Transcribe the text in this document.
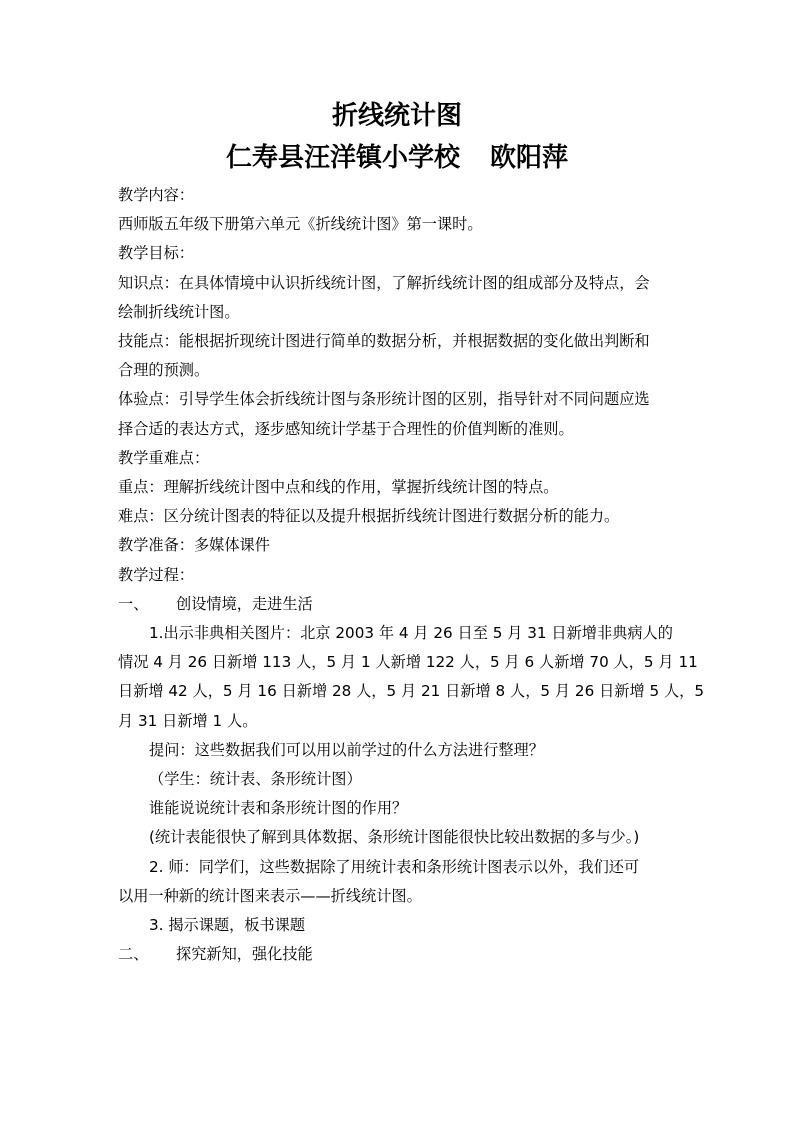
折线统计图
仁寿县汪洋镇小学校 欧阳萍

教学内容：

西师版五年级下册第六单元《折线统计图》第一课时。

教学目标：

知识点：在具体情境中认识折线统计图，了解折线统计图的组成部分及特点，会

绘制折线统计图。

技能点：能根据折现统计图进行简单的数据分析，并根据数据的变化做出判断和

合理的预测。

体验点：引导学生体会折线统计图与条形统计图的区别，指导针对不同问题应选

择合适的表达方式，逐步感知统计学基于合理性的价值判断的准则。

教学重难点：

重点：理解折线统计图中点和线的作用，掌握折线统计图的特点。

难点：区分统计图表的特征以及提升根据折线统计图进行数据分析的能力。

教学准备：多媒体课件

教学过程：

一、	创设情境，走进生活

1.出示非典相关图片：北京 2003 年 4 月 26 日至 5 月 31 日新增非典病人的

情况 4 月 26 日新增 113 人，5 月 1 人新增 122 人，5 月 6 人新增 70 人，5 月 11

日新增 42 人，5 月 16 日新增 28 人，5 月 21 日新增 8 人，5 月 26 日新增 5 人，5

月 31 日新增 1 人。

提问：这些数据我们可以用以前学过的什么方法进行整理？

（学生：统计表、条形统计图）

谁能说说统计表和条形统计图的作用？

(统计表能很快了解到具体数据、条形统计图能很快比较出数据的多与少。)

2. 师：同学们，这些数据除了用统计表和条形统计图表示以外，我们还可

以用一种新的统计图来表示——折线统计图。

3. 揭示课题，板书课题

二、	探究新知，强化技能
